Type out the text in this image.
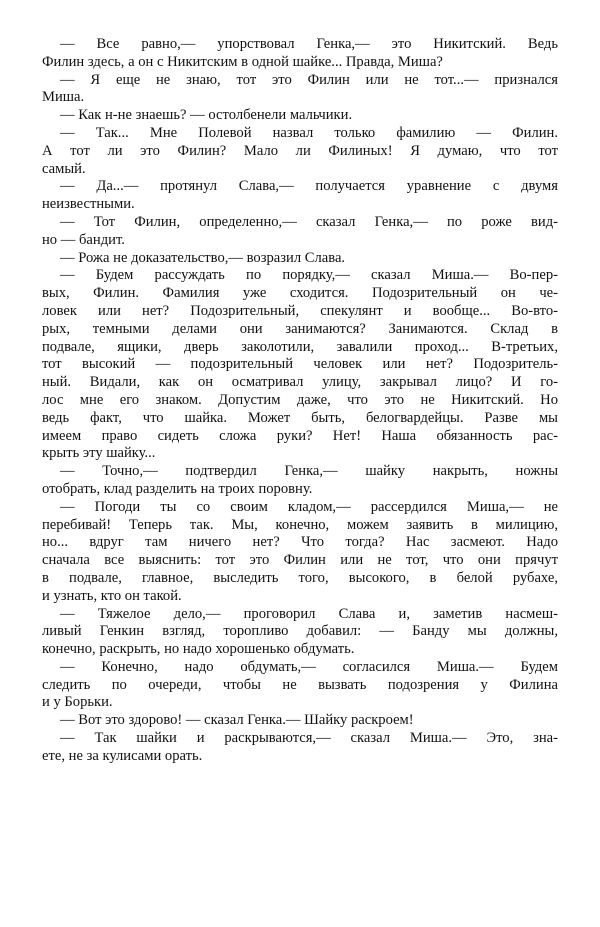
— Все равно,— упорствовал Генка,— это Никитский. Ведь
Филин здесь, а он с Никитским в одной шайке... Правда, Миша?
— Я еще не знаю, тот это Филин или не тот...— признался
Миша.
— Как н-не знаешь? — остолбенели мальчики.
— Так... Мне Полевой назвал только фамилию — Филин.
А тот ли это Филин? Мало ли Филиных! Я думаю, что тот
самый.
— Да...— протянул Слава,— получается уравнение с двумя
неизвестными.
— Тот Филин, определенно,— сказал Генка,— по роже вид-
но — бандит.
— Рожа не доказательство,— возразил Слава.
— Будем рассуждать по порядку,— сказал Миша.— Во-пер-
вых, Филин. Фамилия уже сходится. Подозрительный он че-
ловек или нет? Подозрительный, спекулянт и вообще... Во-вто-
рых, темными делами они занимаются? Занимаются. Склад в
подвале, ящики, дверь заколотили, завалили проход... В-третьих,
тот высокий — подозрительный человек или нет? Подозритель-
ный. Видали, как он осматривал улицу, закрывал лицо? И го-
лос мне его знаком. Допустим даже, что это не Никитский. Но
ведь факт, что шайка. Может быть, белогвардейцы. Разве мы
имеем право сидеть сложа руки? Нет! Наша обязанность рас-
крыть эту шайку...
— Точно,— подтвердил Генка,— шайку накрыть, ножны
отобрать, клад разделить на троих поровну.
— Погоди ты со своим кладом,— рассердился Миша,— не
перебивай! Теперь так. Мы, конечно, можем заявить в милицию,
но... вдруг там ничего нет? Что тогда? Нас засмеют. Надо
сначала все выяснить: тот это Филин или не тот, что они прячут
в подвале, главное, выследить того, высокого, в белой рубахе,
и узнать, кто он такой.
— Тяжелое дело,— проговорил Слава и, заметив насмеш-
ливый Генкин взгляд, торопливо добавил: — Банду мы должны,
конечно, раскрыть, но надо хорошенько обдумать.
— Конечно, надо обдумать,— согласился Миша.— Будем
следить по очереди, чтобы не вызвать подозрения у Филина
и у Борьки.
— Вот это здорово! — сказал Генка.— Шайку раскроем!
— Так шайки и раскрываются,— сказал Миша.— Это, зна-
ете, не за кулисами орать.
